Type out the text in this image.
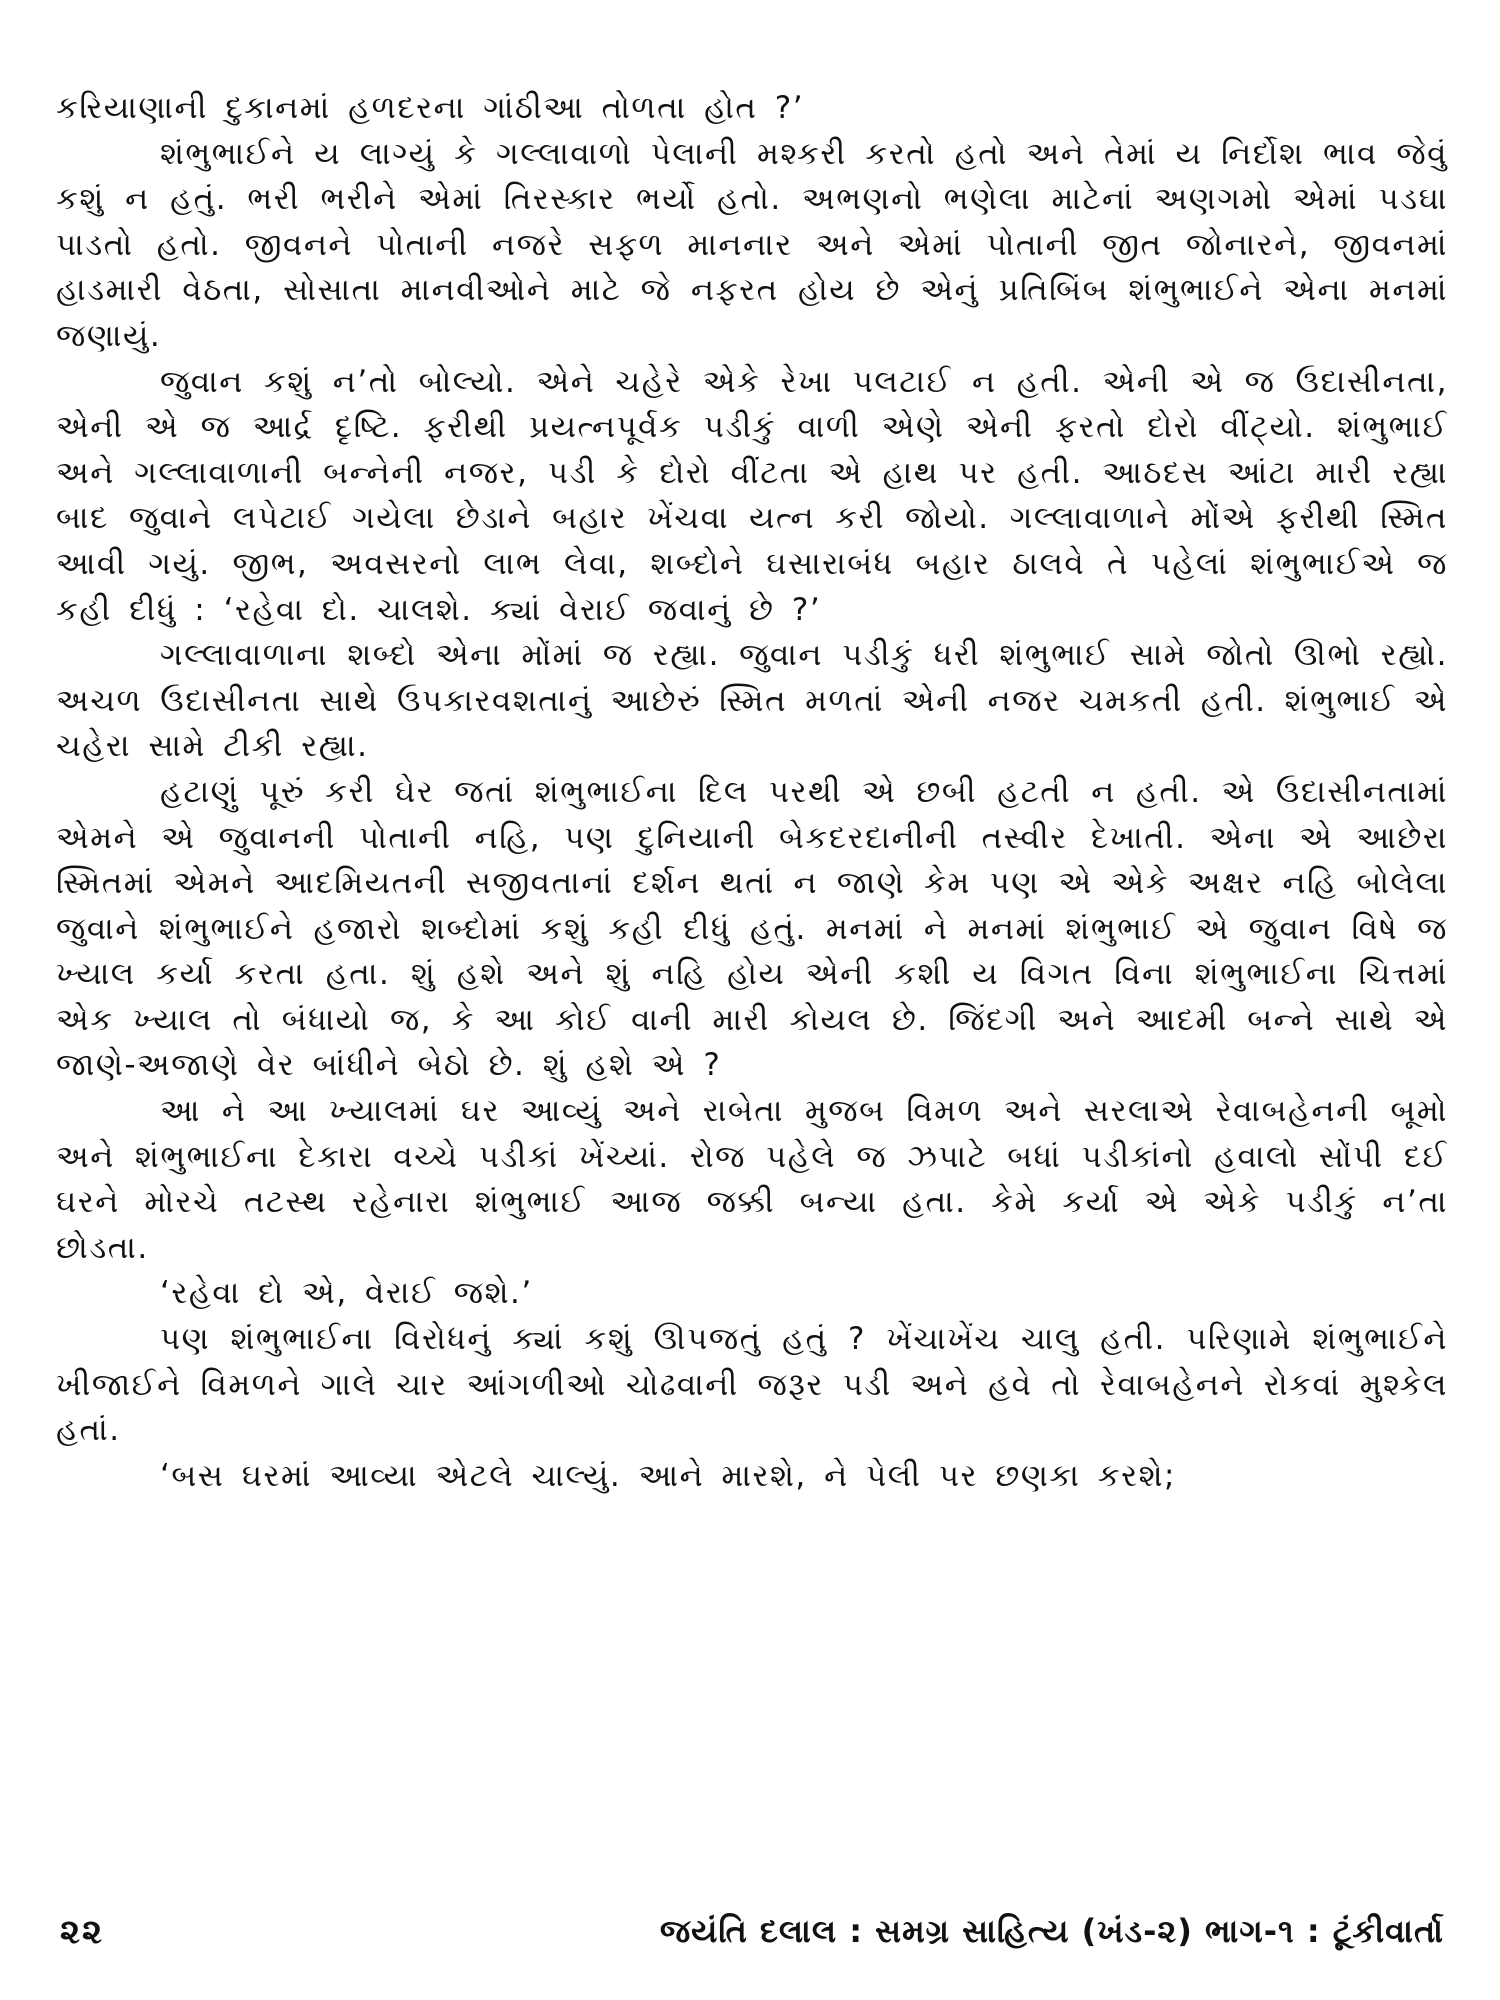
કરિયાણાની દુકાનમાં હળદરના ગાંઠીઆ તોળતા હોત ?’

શંભુભાઈને ય લાગ્યું કે ગલ્લાવાળો પેલાની મશ્કરી કરતો હતો અને તેમાં ય નિર્દોશ ભાવ જેવું કશું ન હતું. ભરી ભરીને એમાં તિરસ્કાર ભર્યો હતો. અભણનો ભણેલા માટેનાં અણગમો એમાં પડઘા પાડતો હતો. જીવનને પોતાની નજરે સફળ માનનાર અને એમાં પોતાની જીત જોનારને, જીવનમાં હાડમારી વેઠતા, સોસાતા માનવીઓને માટે જે નફરત હોય છે એનું પ્રતિબિંબ શંભુભાઈને એના મનમાં જણાયું.

જુવાન કશું ન’તો બોલ્યો. એને ચહેરે એકે રેખા પલટાઈ ન હતી. એની એ જ ઉદાસીનતા, એની એ જ આર્દ્ર દૃષ્ટિ. ફરીથી પ્રયત્નપૂર્વક પડીકું વાળી એણે એની ફરતો દોરો વીંટ્યો. શંભુભાઈ અને ગલ્લાવાળાની બન્નેની નજર, પડી કે દોરો વીંટતા એ હાથ પર હતી. આઠદસ આંટા મારી રહ્યા બાદ જુવાને લપેટાઈ ગયેલા છેડાને બહાર ખેંચવા યત્ન કરી જોયો. ગલ્લાવાળાને મોંએ ફરીથી સ્મિત આવી ગયું. જીભ, અવસરનો લાભ લેવા, શબ્દોને ઘસારાબંધ બહાર ઠાલવે તે પહેલાં શંભુભાઈએ જ કહી દીધું : ‘રહેવા દો. ચાલશે. ક્યાં વેરાઈ જવાનું છે ?’

ગલ્લાવાળાના શબ્દો એના મોંમાં જ રહ્યા. જુવાન પડીકું ધરી શંભુભાઈ સામે જોતો ઊભો રહ્યો. અચળ ઉદાસીનતા સાથે ઉપકારવશતાનું આછેરું સ્મિત મળતાં એની નજર ચમકતી હતી. શંભુભાઈ એ ચહેરા સામે ટીકી રહ્યા.

હટાણું પૂરું કરી ઘેર જતાં શંભુભાઈના દિલ પરથી એ છબી હટતી ન હતી. એ ઉદાસીનતામાં એમને એ જુવાનની પોતાની નહિ, પણ દુનિયાની બેકદરદાનીની તસ્વીર દેખાતી. એના એ આછેરા સ્મિતમાં એમને આદમિયતની સજીવતાનાં દર્શન થતાં ન જાણે કેમ પણ એ એકે અક્ષર નહિ બોલેલા જુવાને શંભુભાઈને હજારો શબ્દોમાં કશું કહી દીધું હતું. મનમાં ને મનમાં શંભુભાઈ એ જુવાન વિષે જ ખ્યાલ કર્યા કરતા હતા. શું હશે અને શું નહિ હોય એની કશી ય વિગત વિના શંભુભાઈના ચિત્તમાં એક ખ્યાલ તો બંધાયો જ, કે આ કોઈ વાની મારી કોયલ છે. જિંદગી અને આદમી બન્ને સાથે એ જાણે-અજાણે વેર બાંધીને બેઠો છે. શું હશે એ ?

આ ને આ ખ્યાલમાં ઘર આવ્યું અને રાબેતા મુજબ વિમળ અને સરલાએ રેવાબહેનની બૂમો અને શંભુભાઈના દેકારા વચ્ચે પડીકાં ખેંચ્યાં. રોજ પહેલે જ ઝપાટે બધાં પડીકાંનો હવાલો સોંપી દઈ ઘરને મોરચે તટસ્થ રહેનારા શંભુભાઈ આજ જક્કી બન્યા હતા. કેમે કર્યા એ એકે પડીકું ન’તા છોડતા.

‘રહેવા દો એ, વેરાઈ જશે.’

પણ શંભુભાઈના વિરોધનું ક્યાં કશું ઊપજતું હતું ? ખેંચાખેંચ ચાલુ હતી. પરિણામે શંભુભાઈને ખીજાઈને વિમળને ગાલે ચાર આંગળીઓ ચોઢવાની જરૂર પડી અને હવે તો રેવાબહેનને રોકવાં મુશ્કેલ હતાં.

‘બસ ઘરમાં આવ્યા એટલે ચાલ્યું. આને મારશે, ને પેલી પર છણકા કરશે;

૨૨	જયંતિ દલાલ : સમગ્ર સાહિત્ય (ખંડ-૨) ભાગ-૧ : ટૂંકીવાર્તા
